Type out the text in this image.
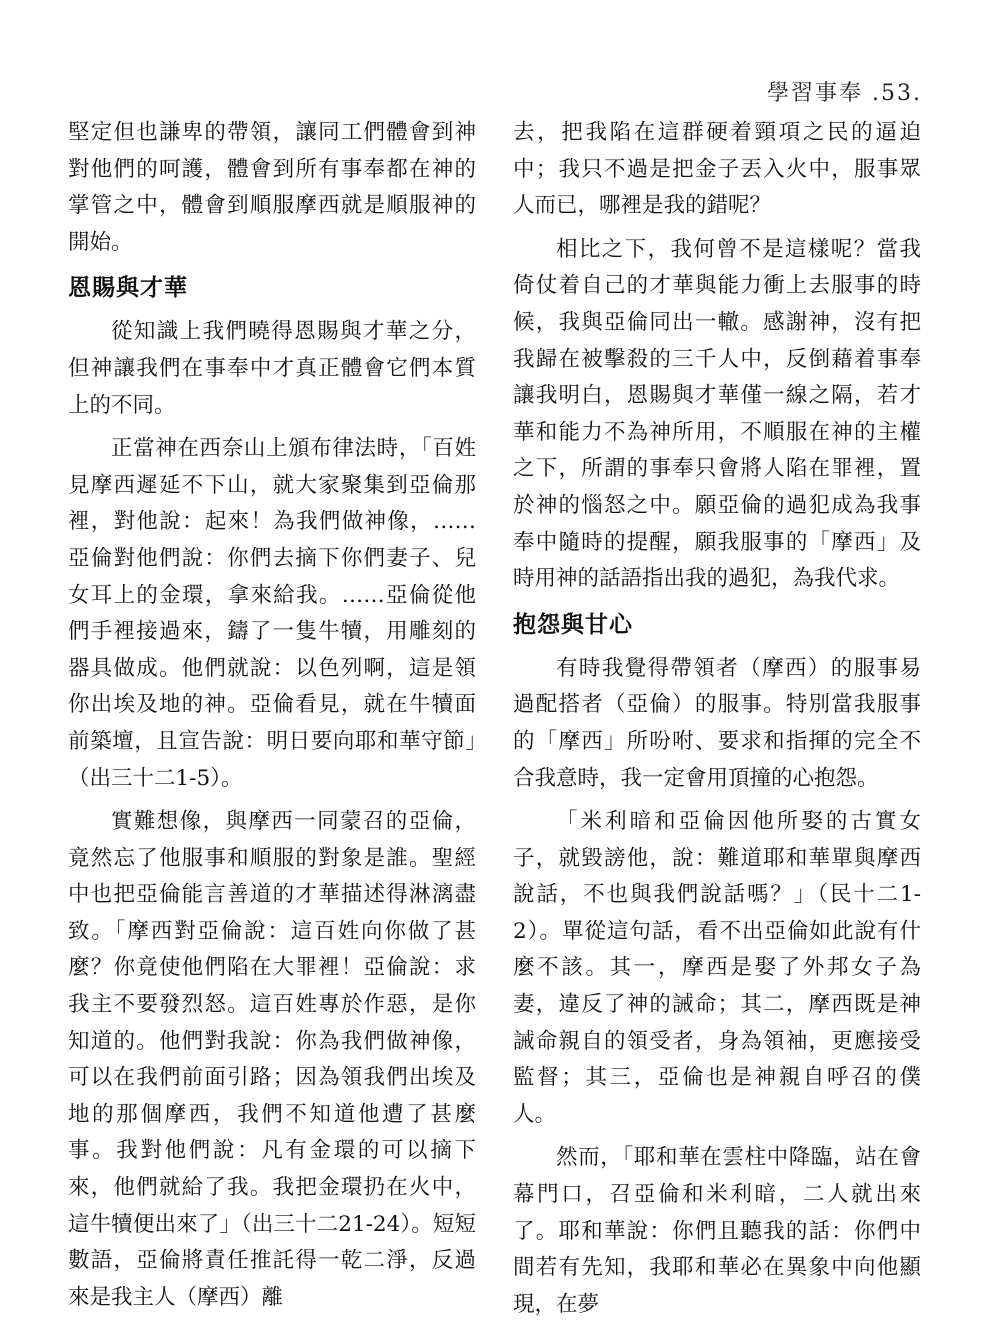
學習事奉 .53.

堅定但也謙卑的帶領，讓同工們體會到神對他們的呵護，體會到所有事奉都在神的掌管之中，體會到順服摩西就是順服神的開始。

恩賜與才華

從知識上我們曉得恩賜與才華之分，但神讓我們在事奉中才真正體會它們本質上的不同。

正當神在西奈山上頒布律法時，「百姓見摩西遲延不下山，就大家聚集到亞倫那裡，對他說：起來！為我們做神像，……亞倫對他們說：你們去摘下你們妻子、兒女耳上的金環，拿來給我。……亞倫從他們手裡接過來，鑄了一隻牛犢，用雕刻的器具做成。他們就說：以色列啊，這是領你出埃及地的神。亞倫看見，就在牛犢面前築壇，且宣告說：明日要向耶和華守節」（出三十二1-5）。

實難想像，與摩西一同蒙召的亞倫，竟然忘了他服事和順服的對象是誰。聖經中也把亞倫能言善道的才華描述得淋漓盡致。「摩西對亞倫說：這百姓向你做了甚麼？你竟使他們陷在大罪裡！亞倫說：求我主不要發烈怒。這百姓專於作惡，是你知道的。他們對我說：你為我們做神像，可以在我們前面引路；因為領我們出埃及地的那個摩西，我們不知道他遭了甚麼事。我對他們說：凡有金環的可以摘下來，他們就給了我。我把金環扔在火中，這牛犢便出來了」（出三十二21-24）。短短數語，亞倫將責任推託得一乾二淨，反過來是我主人（摩西）離

去，把我陷在這群硬着頸項之民的逼迫中；我只不過是把金子丟入火中，服事眾人而已，哪裡是我的錯呢？

相比之下，我何曾不是這樣呢？當我倚仗着自己的才華與能力衝上去服事的時候，我與亞倫同出一轍。感謝神，沒有把我歸在被擊殺的三千人中，反倒藉着事奉讓我明白，恩賜與才華僅一線之隔，若才華和能力不為神所用，不順服在神的主權之下，所謂的事奉只會將人陷在罪裡，置於神的惱怒之中。願亞倫的過犯成為我事奉中隨時的提醒，願我服事的「摩西」及時用神的話語指出我的過犯，為我代求。

抱怨與甘心

有時我覺得帶領者（摩西）的服事易過配搭者（亞倫）的服事。特別當我服事的「摩西」所吩咐、要求和指揮的完全不合我意時，我一定會用頂撞的心抱怨。

「米利暗和亞倫因他所娶的古實女子，就毀謗他，說：難道耶和華單與摩西說話，不也與我們說話嗎？」（民十二1-2）。單從這句話，看不出亞倫如此說有什麼不該。其一，摩西是娶了外邦女子為妻，違反了神的誡命；其二，摩西既是神誡命親自的領受者，身為領袖，更應接受監督；其三，亞倫也是神親自呼召的僕人。

然而，「耶和華在雲柱中降臨，站在會幕門口，召亞倫和米利暗，二人就出來了。耶和華說：你們且聽我的話：你們中間若有先知，我耶和華必在異象中向他顯現，在夢
